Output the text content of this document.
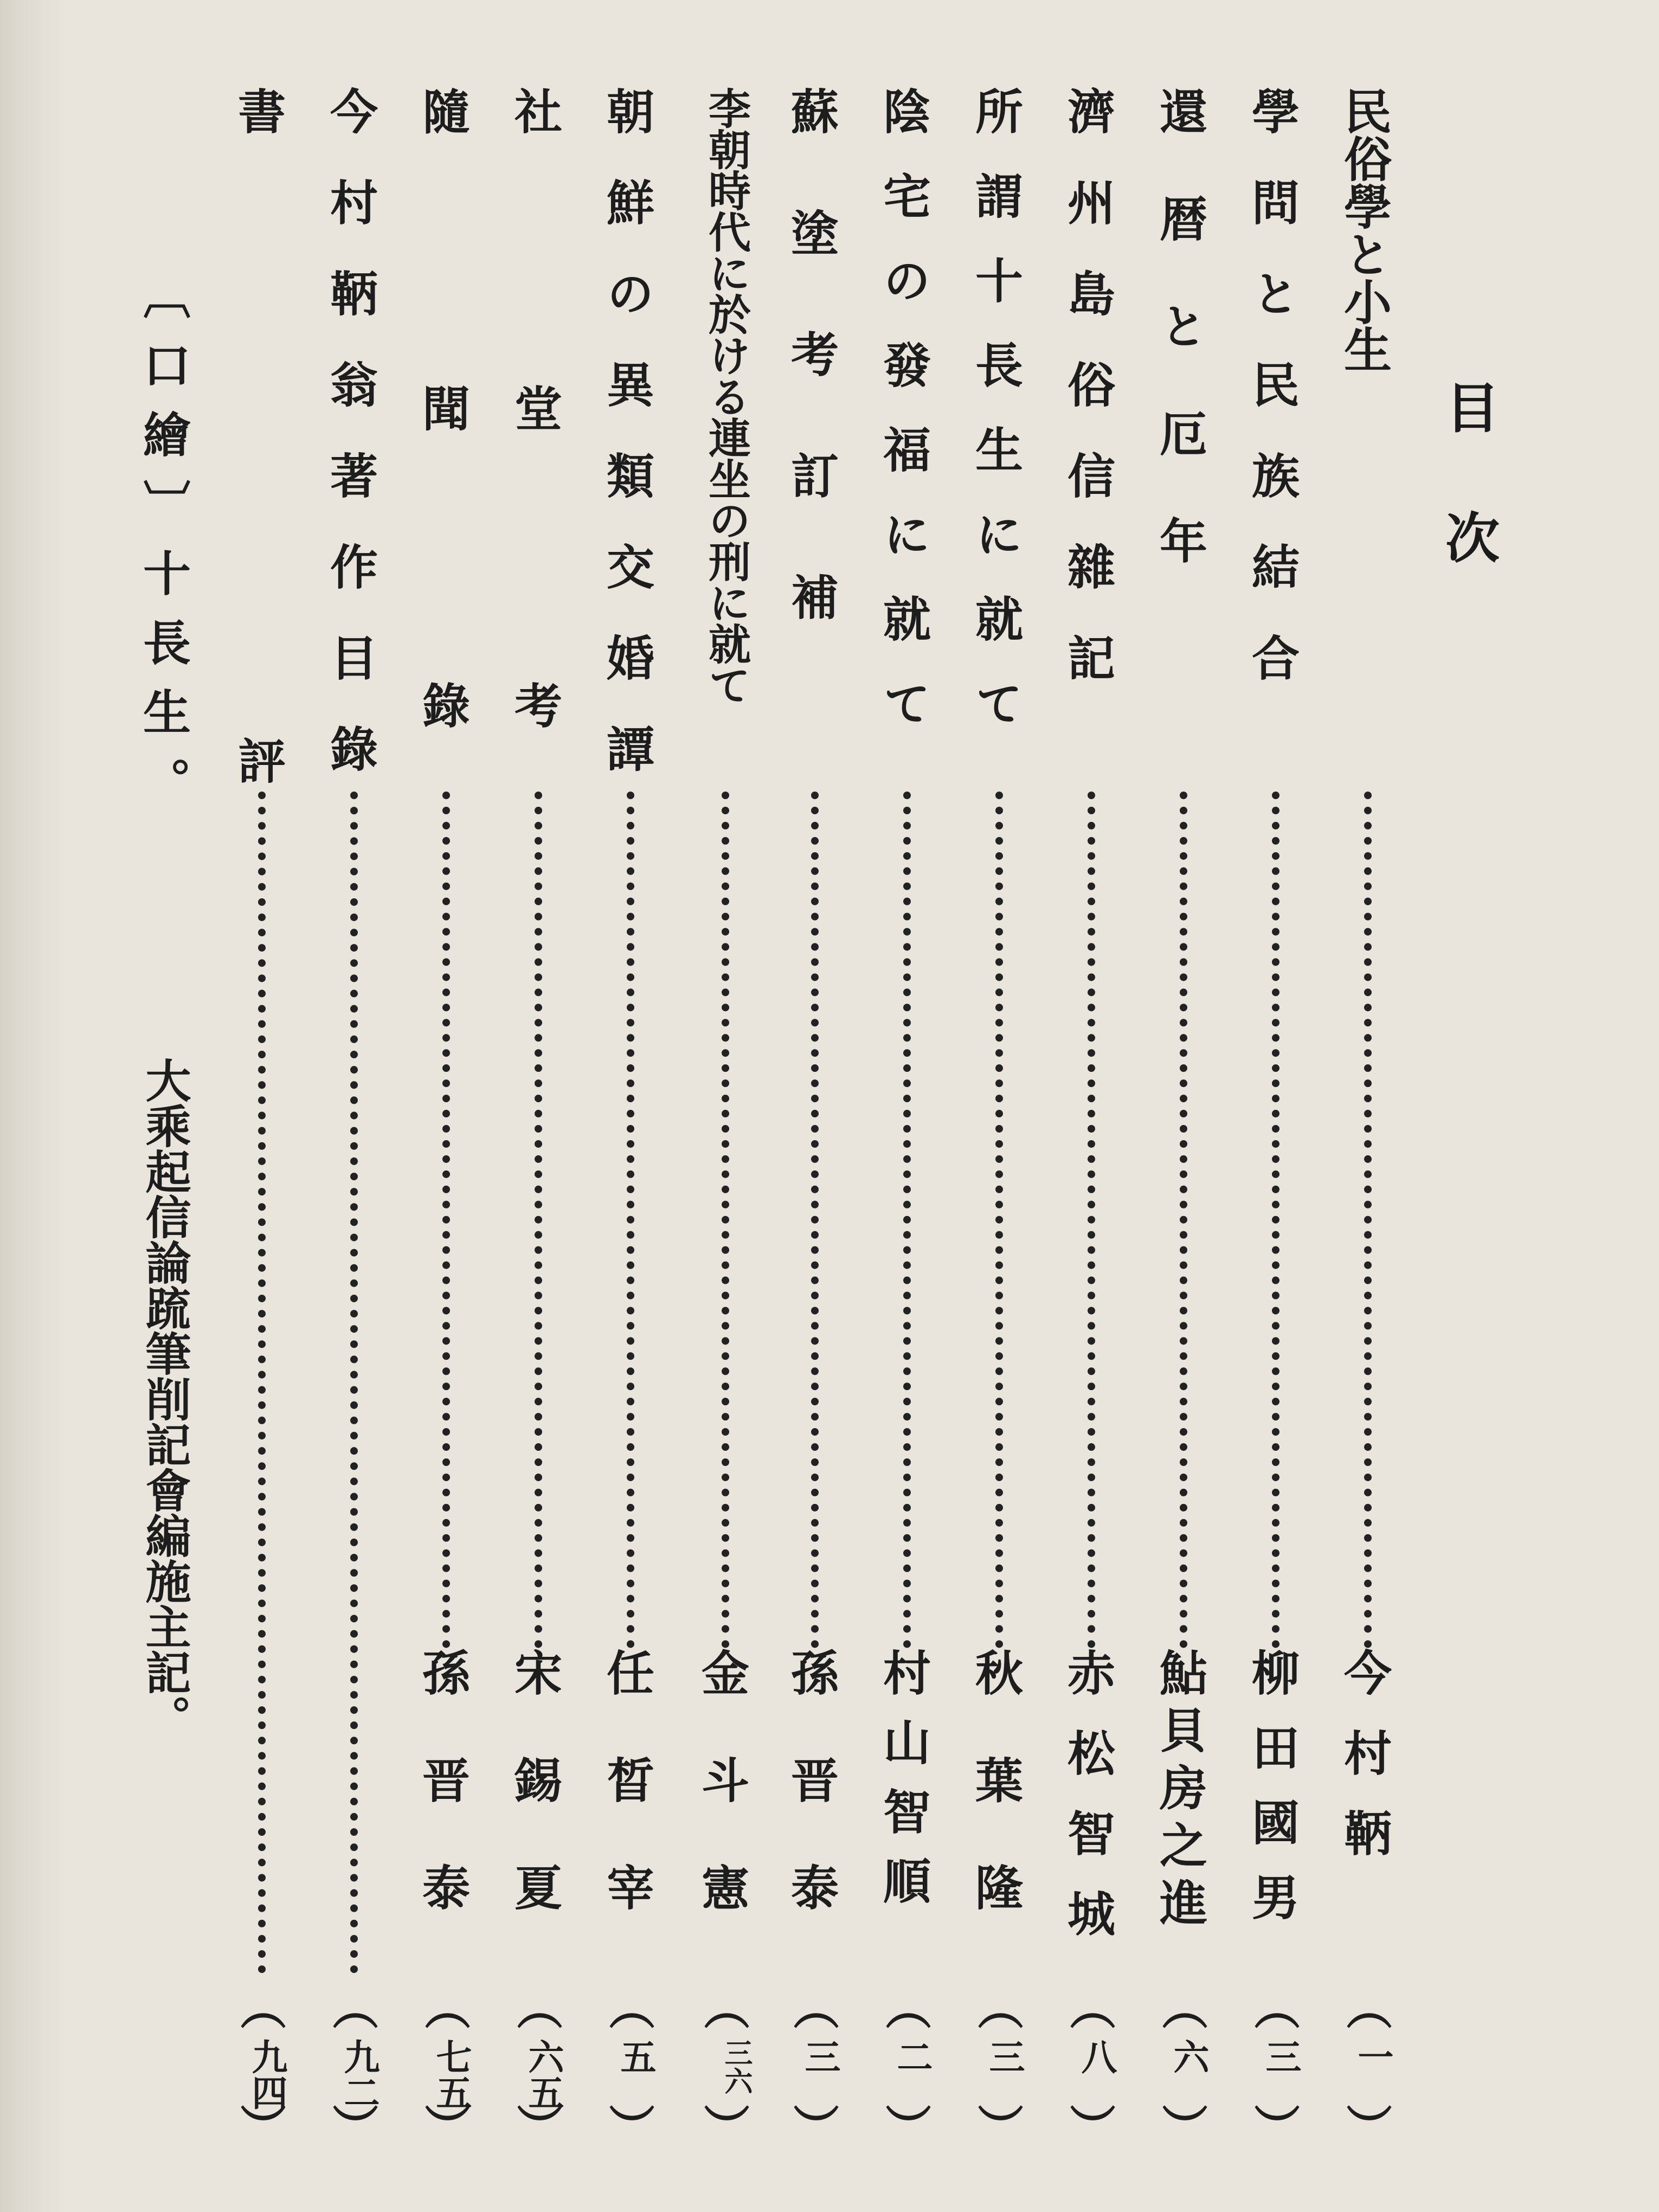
目次
民俗學と小生
今村鞆
（
一
）
學問と民族結合
柳田國男
（
三
）
還暦と厄年
鮎貝房之進
（
六
）
濟州島俗信雜記
赤松智城
（
八
）
所謂十長生に就て
秋葉隆
（
三
）
陰宅の發福に就て
村山智順
（
二
）
蘇塗考訂補
孫晋泰
（
三
）
李朝時代に於ける連坐の刑に就て
金斗憲
（
三六
）
朝鮮の異類交婚譚
任晳宰
（
五
）
社堂考
宋錫夏
（
六五
）
隨聞錄
孫晋泰
（
七五
）
今村鞆翁著作目錄
（
九二
）
書評
（
九四
）
〔口繪〕十長生。
大乘起信論䟽筆削記會編施主記。
